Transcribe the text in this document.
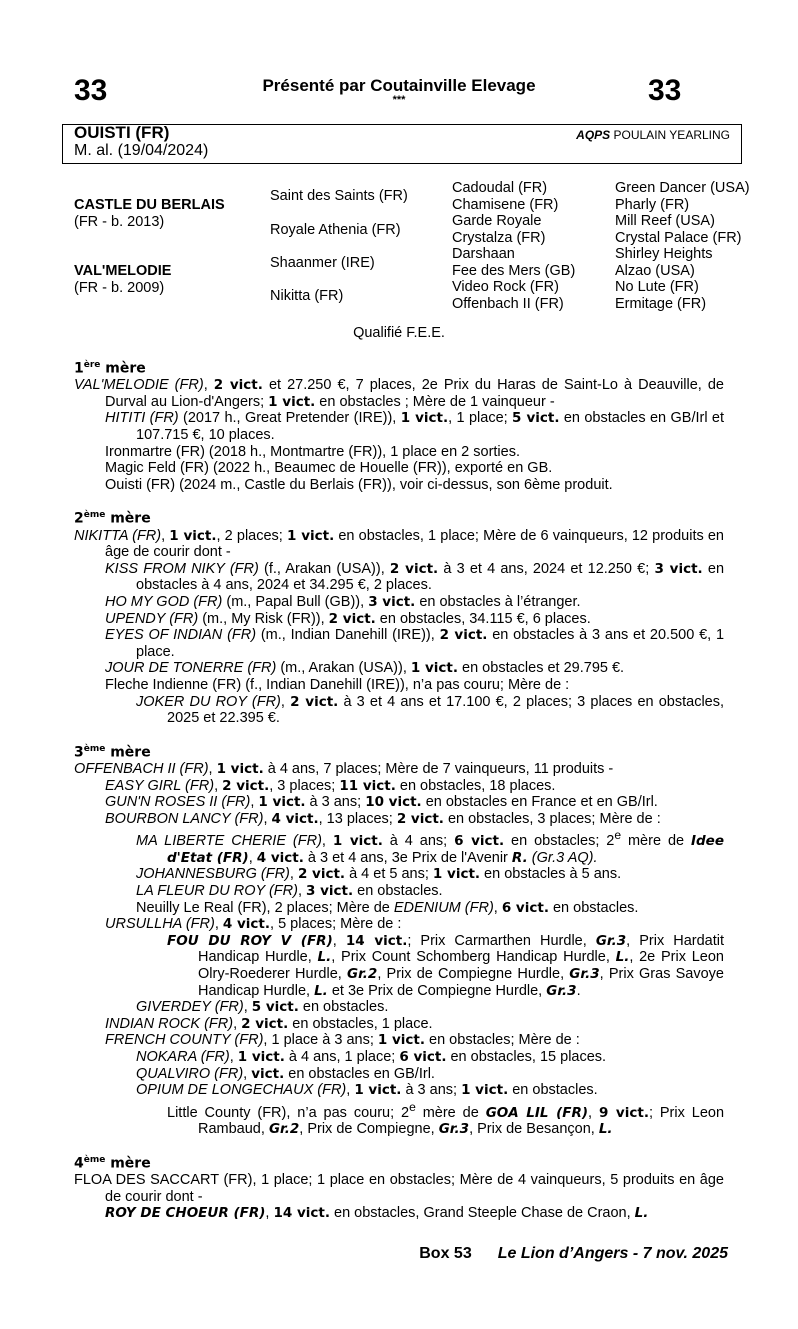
33	33
Présenté par Coutainville Elevage
***
OUISTI (FR)
M. al. (19/04/2024)
AQPS POULAIN YEARLING
CASTLE DU BERLAIS
(FR - b. 2013)
VAL'MELODIE
(FR - b. 2009)
Saint des Saints (FR)
Royale Athenia (FR)
Shaanmer (IRE)
Nikitta (FR)
Cadoudal (FR)
Chamisene (FR)
Garde Royale
Crystalza (FR)
Darshaan
Fee des Mers (GB)
Video Rock (FR)
Offenbach II (FR)
Green Dancer (USA)
Pharly (FR)
Mill Reef (USA)
Crystal Palace (FR)
Shirley Heights
Alzao (USA)
No Lute (FR)
Ermitage (FR)
Qualifié F.E.E.

1ère mère

VAL'MELODIE (FR), 2 vict. et 27.250 €, 7 places, 2e Prix du Haras de Saint-Lo à Deauville, de Durval au Lion-d'Angers; 1 vict. en obstacles ; Mère de 1 vainqueur -

HITITI (FR) (2017 h., Great Pretender (IRE)), 1 vict., 1 place; 5 vict. en obstacles en GB/Irl et 107.715 €, 10 places.

Ironmartre (FR) (2018 h., Montmartre (FR)), 1 place en 2 sorties.

Magic Feld (FR) (2022 h., Beaumec de Houelle (FR)), exporté en GB.

Ouisti (FR) (2024 m., Castle du Berlais (FR)), voir ci-dessus, son 6ème produit.

2ème mère

NIKITTA (FR), 1 vict., 2 places; 1 vict. en obstacles, 1 place; Mère de 6 vainqueurs, 12 produits en âge de courir dont -

KISS FROM NIKY (FR) (f., Arakan (USA)), 2 vict. à 3 et 4 ans, 2024 et 12.250 €; 3 vict. en obstacles à 4 ans, 2024 et 34.295 €, 2 places.

HO MY GOD (FR) (m., Papal Bull (GB)), 3 vict. en obstacles à l’étranger.

UPENDY (FR) (m., My Risk (FR)), 2 vict. en obstacles, 34.115 €, 6 places.

EYES OF INDIAN (FR) (m., Indian Danehill (IRE)), 2 vict. en obstacles à 3 ans et 20.500 €, 1 place.

JOUR DE TONERRE (FR) (m., Arakan (USA)), 1 vict. en obstacles et 29.795 €.

Fleche Indienne (FR) (f., Indian Danehill (IRE)), n’a pas couru; Mère de :

JOKER DU ROY (FR), 2 vict. à 3 et 4 ans et 17.100 €, 2 places; 3 places en obstacles, 2025 et 22.395 €.

3ème mère

OFFENBACH II (FR), 1 vict. à 4 ans, 7 places; Mère de 7 vainqueurs, 11 produits -

EASY GIRL (FR), 2 vict., 3 places; 11 vict. en obstacles, 18 places.

GUN'N ROSES II (FR), 1 vict. à 3 ans; 10 vict. en obstacles en France et en GB/Irl.

BOURBON LANCY (FR), 4 vict., 13 places; 2 vict. en obstacles, 3 places; Mère de :

MA LIBERTE CHERIE (FR), 1 vict. à 4 ans; 6 vict. en obstacles; 2e mère de Idee d'Etat (FR), 4 vict. à 3 et 4 ans, 3e Prix de l'Avenir R. (Gr.3 AQ).

JOHANNESBURG (FR), 2 vict. à 4 et 5 ans; 1 vict. en obstacles à 5 ans.

LA FLEUR DU ROY (FR), 3 vict. en obstacles.

Neuilly Le Real (FR), 2 places; Mère de EDENIUM (FR), 6 vict. en obstacles.

URSULLHA (FR), 4 vict., 5 places; Mère de :

FOU DU ROY V (FR), 14 vict.; Prix Carmarthen Hurdle, Gr.3, Prix Hardatit Handicap Hurdle, L., Prix Count Schomberg Handicap Hurdle, L., 2e Prix Leon Olry-Roederer Hurdle, Gr.2, Prix de Compiegne Hurdle, Gr.3, Prix Gras Savoye Handicap Hurdle, L. et 3e Prix de Compiegne Hurdle, Gr.3.

GIVERDEY (FR), 5 vict. en obstacles.

INDIAN ROCK (FR), 2 vict. en obstacles, 1 place.

FRENCH COUNTY (FR), 1 place à 3 ans; 1 vict. en obstacles; Mère de :

NOKARA (FR), 1 vict. à 4 ans, 1 place; 6 vict. en obstacles, 15 places.

QUALVIRO (FR), vict. en obstacles en GB/Irl.

OPIUM DE LONGECHAUX (FR), 1 vict. à 3 ans; 1 vict. en obstacles.

Little County (FR), n’a pas couru; 2e mère de GOA LIL (FR), 9 vict.; Prix Leon Rambaud, Gr.2, Prix de Compiegne, Gr.3, Prix de Besançon, L.

4ème mère

FLOA DES SACCART (FR), 1 place; 1 place en obstacles; Mère de 4 vainqueurs, 5 produits en âge de courir dont -

ROY DE CHOEUR (FR), 14 vict. en obstacles, Grand Steeple Chase de Craon, L.

Box 53 Le Lion d’Angers - 7 nov. 2025
